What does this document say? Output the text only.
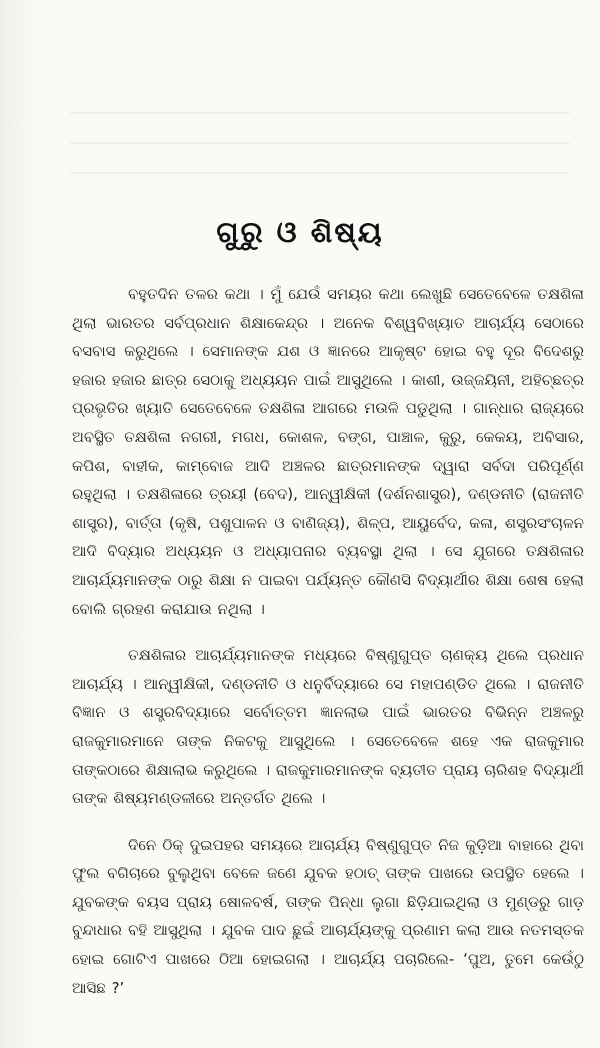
ଗୁରୁ ଓ ଶିଷ୍ୟ

ବହୁତଦିନ ତଳର କଥା । ମୁଁ ଯେଉଁ ସମୟର କଥା ଲେଖୁଛି ସେତେବେଳେ ତକ୍ଷଶିଳା ଥିଲା ଭାରତର ସର୍ବପ୍ରଧାନ ଶିକ୍ଷାକେନ୍ଦ୍ର । ଅନେକ ବିଶ୍ୱବିଖ୍ୟାତ ଆଚାର୍ଯ୍ୟ ସେଠାରେ ବସବାସ କରୁଥିଲେ । ସେମାନଙ୍କ ଯଶ ଓ ଜ୍ଞାନରେ ଆକୃଷ୍ଟ ହୋଇ ବହୁ ଦୂର ବିଦେଶରୁ ହଜାର ହଜାର ଛାତ୍ର ସେଠାକୁ ଅଧ୍ୟୟନ ପାଇଁ ଆସୁଥିଲେ । କାଶୀ, ଉଜ୍ଜୟିନୀ, ଅହିଚ୍ଛତ୍ର ପ୍ରଭୃତିର ଖ୍ୟାତି ସେତେବେଳେ ତକ୍ଷଶିଳା ଆଗରେ ମଉଳି ପଡୁଥିଲା । ଗାନ୍ଧାର ରାଜ୍ୟରେ ଅବସ୍ଥିତ ତକ୍ଷଶିଳା ନଗରୀ, ମଗଧ, କୋଶଳ, ବଙ୍ଗ, ପାଞ୍ଚାଳ, କୁରୁ, କେକୟ, ଅବିସାର, କପିଶ, ବାହୀକ, କାମ୍ବୋଜ ଆଦି ଅଞ୍ଚଳର ଛାତ୍ରମାନଙ୍କ ଦ୍ୱାରା ସର୍ବଦା ପରିପୂର୍ଣ୍ଣ ରହୁଥିଲା । ତକ୍ଷଶିଳାରେ ତ୍ରୟୀ (ବେଦ), ଆନ୍ୱୀକ୍ଷିକୀ (ଦର୍ଶନଶାସ୍ତ୍ର), ଦଣ୍ଡନୀତି (ରାଜନୀତି ଶାସ୍ତ୍ର), ବାର୍ତ୍ତା (କୃଷି, ପଶୁପାଳନ ଓ ବାଣିଜ୍ୟ), ଶିଳ୍ପ, ଆୟୁର୍ବେଦ, କଳା, ଶସ୍ତ୍ରସଂଚାଳନ ଆଦି ବିଦ୍ୟାର ଅଧ୍ୟୟନ ଓ ଅଧ୍ୟାପନାର ବ୍ୟବସ୍ଥା ଥିଲା । ସେ ଯୁଗରେ ତକ୍ଷଶିଳାର ଆଚାର୍ଯ୍ୟମାନଙ୍କ ଠାରୁ ଶିକ୍ଷା ନ ପାଇବା ପର୍ଯ୍ୟନ୍ତ କୌଣସି ବିଦ୍ୟାର୍ଥୀର ଶିକ୍ଷା ଶେଷ ହେଲା ବୋଲି ଗ୍ରହଣ କରାଯାଉ ନଥିଲା ।

ତକ୍ଷଶିଳାର ଆଚାର୍ଯ୍ୟମାନଙ୍କ ମଧ୍ୟରେ ବିଷ୍ଣୁଗୁପ୍ତ ଚାଣକ୍ୟ ଥିଲେ ପ୍ରଧାନ ଆଚାର୍ଯ୍ୟ । ଆନ୍ୱୀକ୍ଷିକୀ, ଦଣ୍ଡନୀତି ଓ ଧନୁର୍ବିଦ୍ୟାରେ ସେ ମହାପଣ୍ଡିତ ଥିଲେ । ରାଜନୀତି ବିଜ୍ଞାନ ଓ ଶସ୍ତ୍ରବିଦ୍ୟାରେ ସର୍ବୋତ୍ତମ ଜ୍ଞାନଲାଭ ପାଇଁ ଭାରତର ବିଭିନ୍ନ ଅଞ୍ଚଳରୁ ରାଜକୁମାରମାନେ ତାଙ୍କ ନିକଟକୁ ଆସୁଥିଲେ । ସେତେବେଳେ ଶହେ ଏକ ରାଜକୁମାର ତାଙ୍କଠାରେ ଶିକ୍ଷାଲାଭ କରୁଥିଲେ । ରାଜକୁମାରମାନଙ୍କ ବ୍ୟତୀତ ପ୍ରାୟ ଚାରିଶହ ବିଦ୍ୟାର୍ଥୀ ତାଙ୍କ ଶିଷ୍ୟମଣ୍ଡଳୀରେ ଅନ୍ତର୍ଗତ ଥିଲେ ।

ଦିନେ ଠିକ୍ ଦୁଇପହର ସମୟରେ ଆଚାର୍ଯ୍ୟ ବିଷ୍ଣୁଗୁପ୍ତ ନିଜ କୁଡ଼ିଆ ବାହାରେ ଥିବା ଫୁଲ ବଗିଚାରେ ବୁଲୁଥିବା ବେଳେ ଜଣେ ଯୁବକ ହଠାତ୍ ତାଙ୍କ ପାଖରେ ଉପସ୍ଥିତ ହେଲେ । ଯୁବକଙ୍କ ବୟସ ପ୍ରାୟ ଷୋଳବର୍ଷ, ତାଙ୍କ ପିନ୍ଧା ଲୁଗା ଛିଡ଼ିଯାଇଥିଲା ଓ ମୁଣ୍ଡରୁ ଗାଡ଼ ବୁନ୍ଦାଧାର ବହି ଆସୁଥିଲା । ଯୁବକ ପାଦ ଛୁଇଁ ଆଚାର୍ଯ୍ୟଙ୍କୁ ପ୍ରଣାମ କଲା ଆଉ ନତମସ୍ତକ ହୋଇ ଗୋଟିଏ ପାଖରେ ଠିଆ ହୋଇଗଲା । ଆଚାର୍ଯ୍ୟ ପଚାରିଲେ- ‘ପୁଅ, ତୁମେ କେଉଁଠୁ ଆସିଛ ?’
